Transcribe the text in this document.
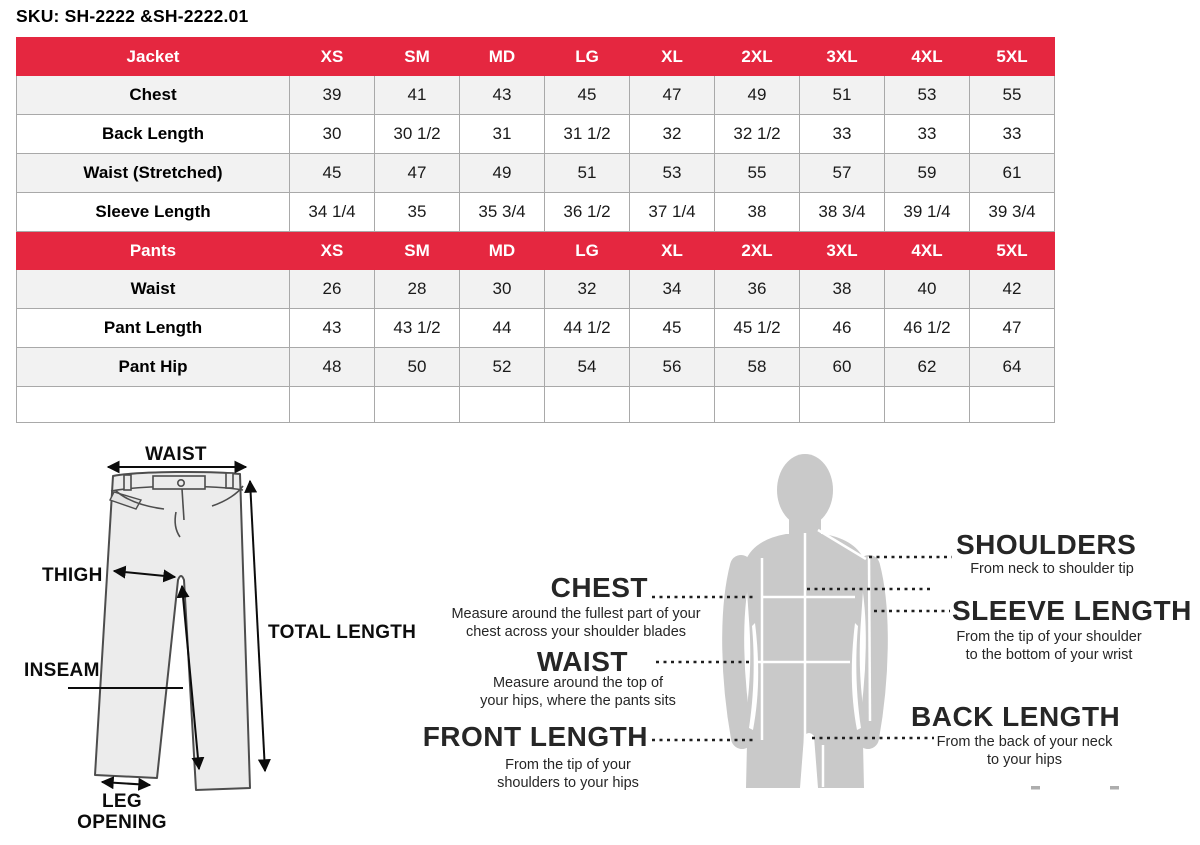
SKU: SH-2222 &SH-2222.01
Jacket	XS	SM	MD	LG	XL	2XL	3XL	4XL	5XL
Chest	39	41	43	45	47	49	51	53	55
Back Length	30	30 1/2	31	31 1/2	32	32 1/2	33	33	33
Waist (Stretched)	45	47	49	51	53	55	57	59	61
Sleeve Length	34 1/4	35	35 3/4	36 1/2	37 1/4	38	38 3/4	39 1/4	39 3/4
Pants	XS	SM	MD	LG	XL	2XL	3XL	4XL	5XL
Waist	26	28	30	32	34	36	38	40	42
Pant Length	43	43 1/2	44	44 1/2	45	45 1/2	46	46 1/2	47
Pant Hip	48	50	52	54	56	58	60	62	64

WAIST
THIGH
TOTAL LENGTH
INSEAM
LEG
OPENING
CHEST
Measure around the fullest part of your
chest across your shoulder blades
WAIST
Measure around the top of
your hips, where the pants sits
FRONT LENGTH
From the tip of your
shoulders to your hips
SHOULDERS
From neck to shoulder tip
SLEEVE LENGTH
From the tip of your shoulder
to the bottom of your wrist
BACK LENGTH
From the back of your neck
to your hips
